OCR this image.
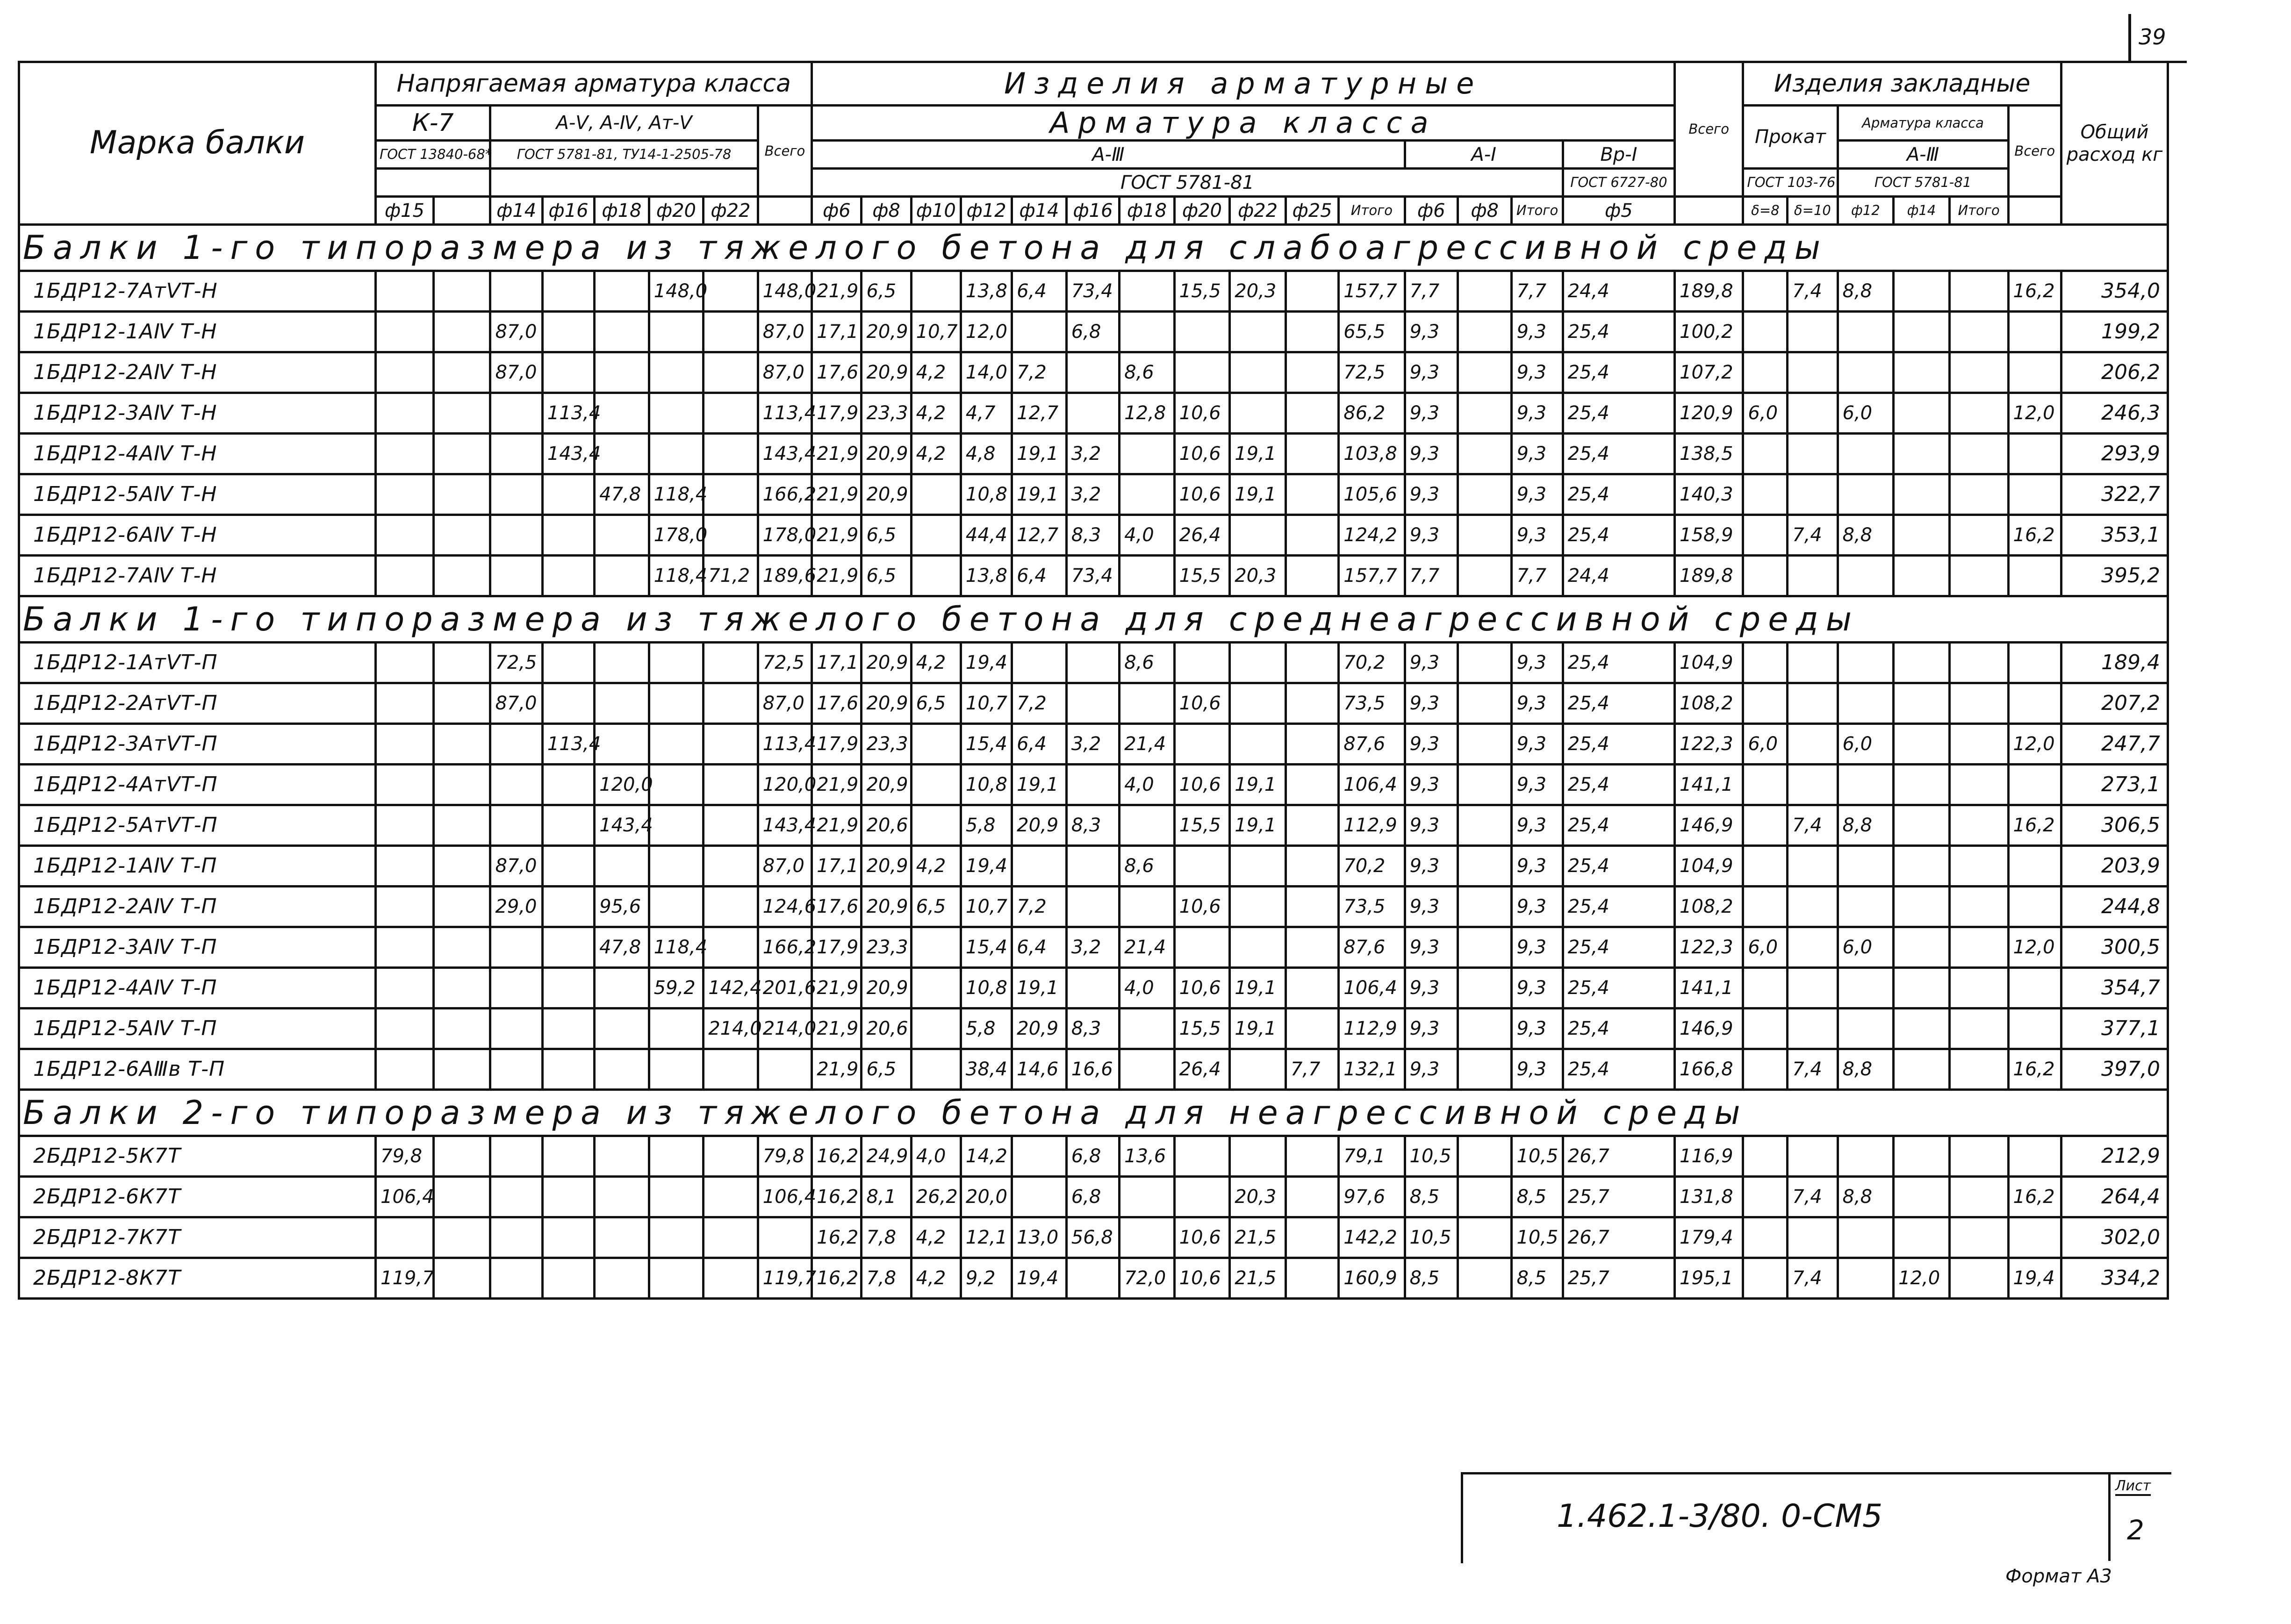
39
Марка балки	Напрягаемая арматура класса								Изделия арматурные															Всего	Изделия закладные						Общий расход кг
	К-7		А-Ⅴ, А-Ⅳ, Ат-Ⅴ					Всего	Арматура класса																Прокат		Арматура класса			Всего	
	ГОСТ 13840-68*		ГОСТ 5781-81, ТУ14-1-2505-78						А-Ⅲ											А-Ⅰ			Вр-Ⅰ				А-Ⅲ				
									ГОСТ 5781-81														ГОСТ 6727-80		ГОСТ 103-76		ГОСТ 5781-81				
	ф15		ф14	ф16	ф18	ф20	ф22		ф6	ф8	ф10	ф12	ф14	ф16	ф18	ф20	ф22	ф25	Итого	ф6	ф8	Итого	ф5		δ=8	δ=10	ф12	ф14	Итого		
Балки 1-го типоразмера из тяжелого бетона для слабоагрессивной среды																															
1БДР12-7АтⅤТ-Н						148,0		148,0	21,9	6,5		13,8	6,4	73,4		15,5	20,3		157,7	7,7		7,7	24,4	189,8		7,4	8,8			16,2	354,0
1БДР12-1АⅣ Т-Н			87,0					87,0	17,1	20,9	10,7	12,0		6,8					65,5	9,3		9,3	25,4	100,2							199,2
1БДР12-2АⅣ Т-Н			87,0					87,0	17,6	20,9	4,2	14,0	7,2		8,6				72,5	9,3		9,3	25,4	107,2							206,2
1БДР12-3АⅣ Т-Н				113,4				113,4	17,9	23,3	4,2	4,7	12,7		12,8	10,6			86,2	9,3		9,3	25,4	120,9	6,0		6,0			12,0	246,3
1БДР12-4АⅣ Т-Н				143,4				143,4	21,9	20,9	4,2	4,8	19,1	3,2		10,6	19,1		103,8	9,3		9,3	25,4	138,5							293,9
1БДР12-5АⅣ Т-Н					47,8	118,4		166,2	21,9	20,9		10,8	19,1	3,2		10,6	19,1		105,6	9,3		9,3	25,4	140,3							322,7
1БДР12-6АⅣ Т-Н						178,0		178,0	21,9	6,5		44,4	12,7	8,3	4,0	26,4			124,2	9,3		9,3	25,4	158,9		7,4	8,8			16,2	353,1
1БДР12-7АⅣ Т-Н						118,4	71,2	189,6	21,9	6,5		13,8	6,4	73,4		15,5	20,3		157,7	7,7		7,7	24,4	189,8							395,2
Балки 1-го типоразмера из тяжелого бетона для среднеагрессивной среды																															
1БДР12-1АтⅤТ-П			72,5					72,5	17,1	20,9	4,2	19,4			8,6				70,2	9,3		9,3	25,4	104,9							189,4
1БДР12-2АтⅤТ-П			87,0					87,0	17,6	20,9	6,5	10,7	7,2			10,6			73,5	9,3		9,3	25,4	108,2							207,2
1БДР12-3АтⅤТ-П				113,4				113,4	17,9	23,3		15,4	6,4	3,2	21,4				87,6	9,3		9,3	25,4	122,3	6,0		6,0			12,0	247,7
1БДР12-4АтⅤТ-П					120,0			120,0	21,9	20,9		10,8	19,1		4,0	10,6	19,1		106,4	9,3		9,3	25,4	141,1							273,1
1БДР12-5АтⅤТ-П					143,4			143,4	21,9	20,6		5,8	20,9	8,3		15,5	19,1		112,9	9,3		9,3	25,4	146,9		7,4	8,8			16,2	306,5
1БДР12-1АⅣ Т-П			87,0					87,0	17,1	20,9	4,2	19,4			8,6				70,2	9,3		9,3	25,4	104,9							203,9
1БДР12-2АⅣ Т-П			29,0		95,6			124,6	17,6	20,9	6,5	10,7	7,2			10,6			73,5	9,3		9,3	25,4	108,2							244,8
1БДР12-3АⅣ Т-П					47,8	118,4		166,2	17,9	23,3		15,4	6,4	3,2	21,4				87,6	9,3		9,3	25,4	122,3	6,0		6,0			12,0	300,5
1БДР12-4АⅣ Т-П						59,2	142,4	201,6	21,9	20,9		10,8	19,1		4,0	10,6	19,1		106,4	9,3		9,3	25,4	141,1							354,7
1БДР12-5АⅣ Т-П							214,0	214,0	21,9	20,6		5,8	20,9	8,3		15,5	19,1		112,9	9,3		9,3	25,4	146,9							377,1
1БДР12-6АⅢв Т-П									21,9	6,5		38,4	14,6	16,6		26,4		7,7	132,1	9,3		9,3	25,4	166,8		7,4	8,8			16,2	397,0
Балки 2-го типоразмера из тяжелого бетона для неагрессивной среды																															
2БДР12-5К7Т	79,8							79,8	16,2	24,9	4,0	14,2		6,8	13,6				79,1	10,5		10,5	26,7	116,9							212,9
2БДР12-6К7Т	106,4							106,4	16,2	8,1	26,2	20,0		6,8			20,3		97,6	8,5		8,5	25,7	131,8		7,4	8,8			16,2	264,4
2БДР12-7К7Т									16,2	7,8	4,2	12,1	13,0	56,8		10,6	21,5		142,2	10,5		10,5	26,7	179,4							302,0
2БДР12-8К7Т	119,7							119,7	16,2	7,8	4,2	9,2	19,4		72,0	10,6	21,5		160,9	8,5		8,5	25,7	195,1		7,4		12,0		19,4	334,2
1.462.1-3/80. 0-СМ5
Лист
2
Формат А3
